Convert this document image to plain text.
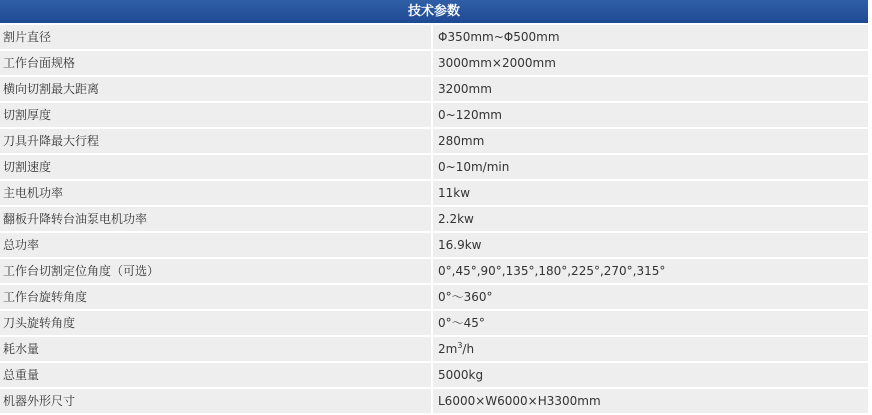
技术参数	
割片直径	Φ350mm~Φ500mm
工作台面规格	3000mm×2000mm
横向切割最大距离	3200mm
切割厚度	0~120mm
刀具升降最大行程	280mm
切割速度	0~10m/min
主电机功率	11kw
翻板升降转台油泵电机功率	2.2kw
总功率	16.9kw
工作台切割定位角度（可选）	0°,45°,90°,135°,180°,225°,270°,315°
工作台旋转角度	0°～360°
刀头旋转角度	0°～45°
耗水量	$2m^3/h$
总重量	5000kg
机器外形尺寸	L6000×W6000×H3300mm
